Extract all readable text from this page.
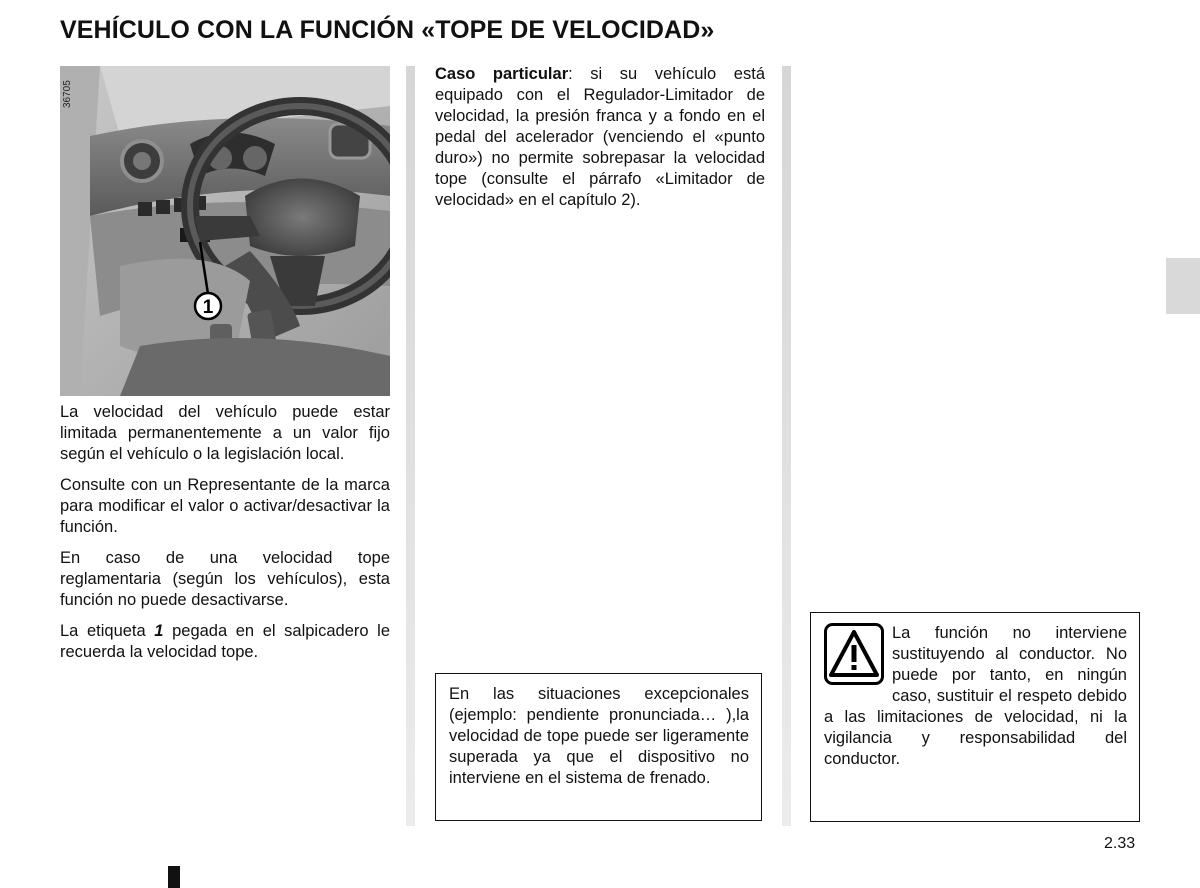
VEHÍCULO CON LA FUNCIÓN «TOPE DE VELOCIDAD»
1
36705

La velocidad del vehículo puede estar limitada permanentemente a un valor fijo según el vehículo o la legislación local.

Consulte con un Representante de la marca para modificar el valor o activar/desactivar la función.

En caso de una velocidad tope reglamentaria (según los vehículos), esta función no puede desactivarse.

La etiqueta 1 pegada en el salpicadero le recuerda la velocidad tope.

Caso particular: si su vehículo está equipado con el Regulador-Limitador de velocidad, la presión franca y a fondo en el pedal del acelerador (venciendo el «punto duro») no permite sobrepasar la velocidad tope (consulte el párrafo «Limitador de velocidad» en el capítulo 2).

En las situaciones excepcionales (ejemplo: pendiente pronunciada… ),la velocidad de tope puede ser ligeramente superada ya que el dispositivo no interviene en el sistema de frenado.
La función no interviene sustituyendo al conductor. No puede por tanto, en ningún caso, sustituir el respeto debido a las limitaciones de velocidad, ni la vigilancia y responsabilidad del conductor.
2.33
